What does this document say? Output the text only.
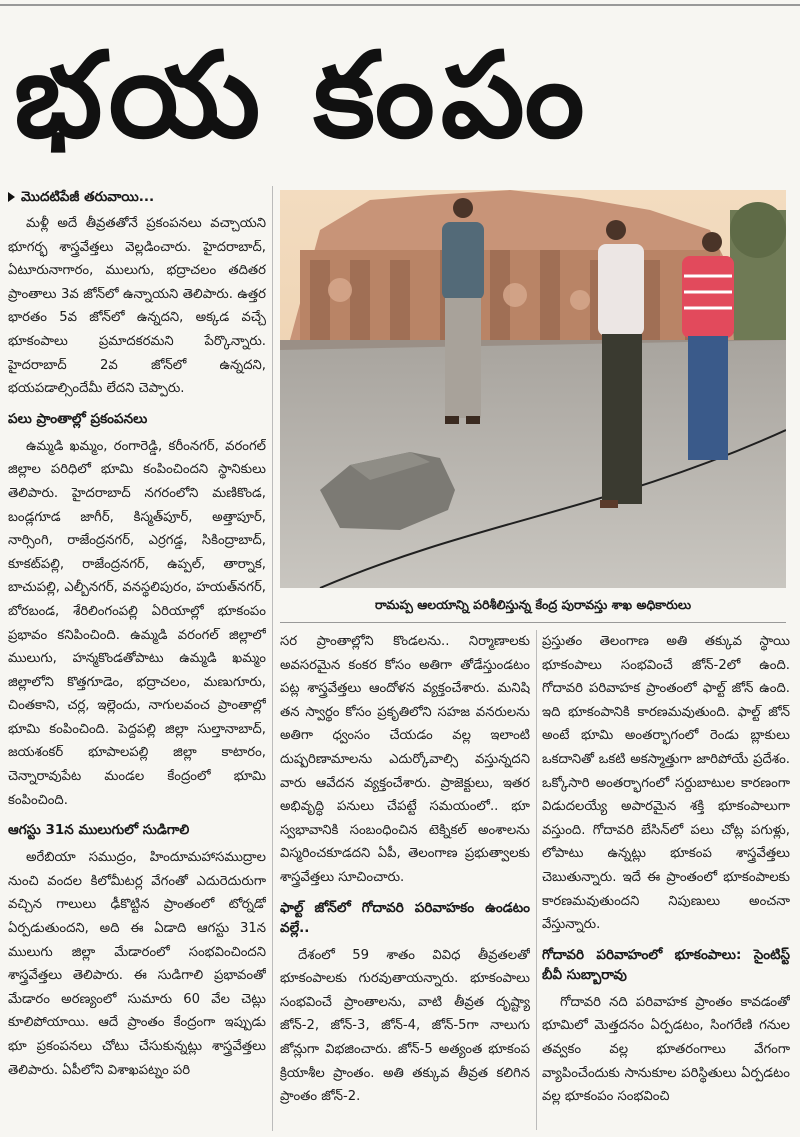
భయ కంపం
మొదటిపేజీ తరువాయి...

మళ్లీ అదే తీవ్రతతోనే ప్రకంపనలు వచ్చాయని భూగర్భ శాస్త్రవేత్తలు వెల్లడించారు. హైదరాబాద్, ఏటూరునాగారం, ములుగు, భద్రాచలం తదితర ప్రాంతాలు 3వ జోన్‌లో ఉన్నాయని తెలిపారు. ఉత్తర భారతం 5వ జోన్‌లో ఉన్నదని, అక్కడ వచ్చే భూకంపాలు ప్రమాదకరమని పేర్కొన్నారు. హైదరాబాద్ 2వ జోన్‌లో ఉన్నదని, భయపడాల్సిందేమీ లేదని చెప్పారు.

పలు ప్రాంతాల్లో ప్రకంపనలు

ఉమ్మడి ఖమ్మం, రంగారెడ్డి, కరీంనగర్, వరంగల్ జిల్లాల పరిధిలో భూమి కంపించిందని స్థానికులు తెలిపారు. హైదరాబాద్ నగరంలోని మణికొండ, బండ్లగూడ జాగీర్, కిస్మత్‌పూర్, అత్తాపూర్, నార్సింగి, రాజేంద్రనగర్, ఎర్రగడ్డ, సికింద్రాబాద్, కూకట్‌పల్లి, రాజేంద్రనగర్, ఉప్పల్, తార్నాక, బాచుపల్లి, ఎల్బీనగర్, వనస్థలిపురం, హయత్‌నగర్, బోరబండ, శేరిలింగంపల్లి ఏరియాల్లో భూకంపం ప్రభావం కనిపించింది. ఉమ్మడి వరంగల్ జిల్లాలో ములుగు, హన్మకొండతోపాటు ఉమ్మడి ఖమ్మం జిల్లాలోని కొత్తగూడెం, భద్రాచలం, మణుగూరు, చింతకాని, చర్ల, ఇల్లెందు, నాగులవంచ ప్రాంతాల్లో భూమి కంపించింది. పెద్దపల్లి జిల్లా సుల్తానాబాద్, జయశంకర్ భూపాలపల్లి జిల్లా కాటారం, చెన్నారావుపేట మండల కేంద్రంలో భూమి కంపించింది.

ఆగస్టు 31న ములుగులో సుడిగాలి

అరేబియా సముద్రం, హిందూమహాసముద్రాల నుంచి వందల కిలోమీటర్ల వేగంతో ఎదురెదురుగా వచ్చిన గాలులు ఢీకొట్టిన ప్రాంతంలో టోర్నడో ఏర్పడుతుందని, అది ఈ ఏడాది ఆగస్టు 31న ములుగు జిల్లా మేడారంలో సంభవించిందని శాస్త్రవేత్తలు తెలిపారు. ఈ సుడిగాలి ప్రభావంతో మేడారం అరణ్యంలో సుమారు 60 వేల చెట్లు కూలిపోయాయి. ఆదే ప్రాంతం కేంద్రంగా ఇప్పుడు భూ ప్రకంపనలు చోటు చేసుకున్నట్లు శాస్త్రవేత్తలు తెలిపారు. ఏపీలోని విశాఖపట్నం పరి

రామప్ప ఆలయాన్ని పరిశీలిస్తున్న కేంద్ర పురావస్తు శాఖ అధికారులు

సర ప్రాంతాల్లోని కొండలను.. నిర్మాణాలకు అవసరమైన కంకర కోసం అతిగా తోడేస్తుండటం పట్ల శాస్త్రవేత్తలు ఆందోళన వ్యక్తంచేశారు. మనిషి తన స్వార్థం కోసం ప్రకృతిలోని సహజ వనరులను అతిగా ధ్వంసం చేయడం వల్ల ఇలాంటి దుష్పరిణామాలను ఎదుర్కోవాల్సి వస్తున్నదని వారు ఆవేదన వ్యక్తంచేశారు. ప్రాజెక్టులు, ఇతర అభివృద్ధి పనులు చేపట్టే సమయంలో.. భూ స్వభావానికి సంబంధించిన టెక్నికల్ అంశాలను విస్మరించకూడదని ఏపీ, తెలంగాణ ప్రభుత్వాలకు శాస్త్రవేత్తలు సూచించారు.

ఫాల్ట్ జోన్‌లో గోదావరి పరివాహకం ఉండటం వల్లే..

దేశంలో 59 శాతం వివిధ తీవ్రతలతో భూకంపాలకు గురవుతాయన్నారు. భూకంపాలు సంభవించే ప్రాంతాలను, వాటి తీవ్రత దృష్ట్యా జోన్-2, జోన్-3, జోన్-4, జోన్-5గా నాలుగు జోన్లుగా విభజించారు. జోన్-5 అత్యంత భూకంప క్రియాశీల ప్రాంతం. అతి తక్కువ తీవ్రత కలిగిన ప్రాంతం జోన్-2.

ప్రస్తుతం తెలంగాణ అతి తక్కువ స్థాయి భూకంపాలు సంభవించే జోన్-2లో ఉంది. గోదావరి పరివాహక ప్రాంతంలో ఫాల్ట్ జోన్ ఉంది. ఇది భూకంపానికి కారణమవుతుంది. ఫాల్ట్ జోన్ అంటే భూమి అంతర్భాగంలో రెండు బ్లాకులు ఒకదానితో ఒకటి అకస్మాత్తుగా జారిపోయే ప్రదేశం. ఒక్కోసారి అంతర్భాగంలో సర్దుబాటుల కారణంగా విడుదలయ్యే అపారమైన శక్తి భూకంపాలుగా వస్తుంది. గోదావరి బేసిన్‌లో పలు చోట్ల పగుళ్లు, లోపాటు ఉన్నట్లు భూకంప శాస్త్రవేత్తలు చెబుతున్నారు. ఇదే ఈ ప్రాంతంలో భూకంపాలకు కారణమవుతుందని నిపుణులు అంచనా వేస్తున్నారు.

గోదావరి పరివాహంలో భూకంపాలు: సైంటిస్ట్ బీవీ సుబ్బారావు

గోదావరి నది పరివాహక ప్రాంతం కావడంతో భూమిలో మెత్తదనం ఏర్పడటం, సింగరేణి గనుల తవ్వకం వల్ల భూతరంగాలు వేగంగా వ్యాపించేందుకు సానుకూల పరిస్థితులు ఏర్పడటం వల్ల భూకంపం సంభవించి
